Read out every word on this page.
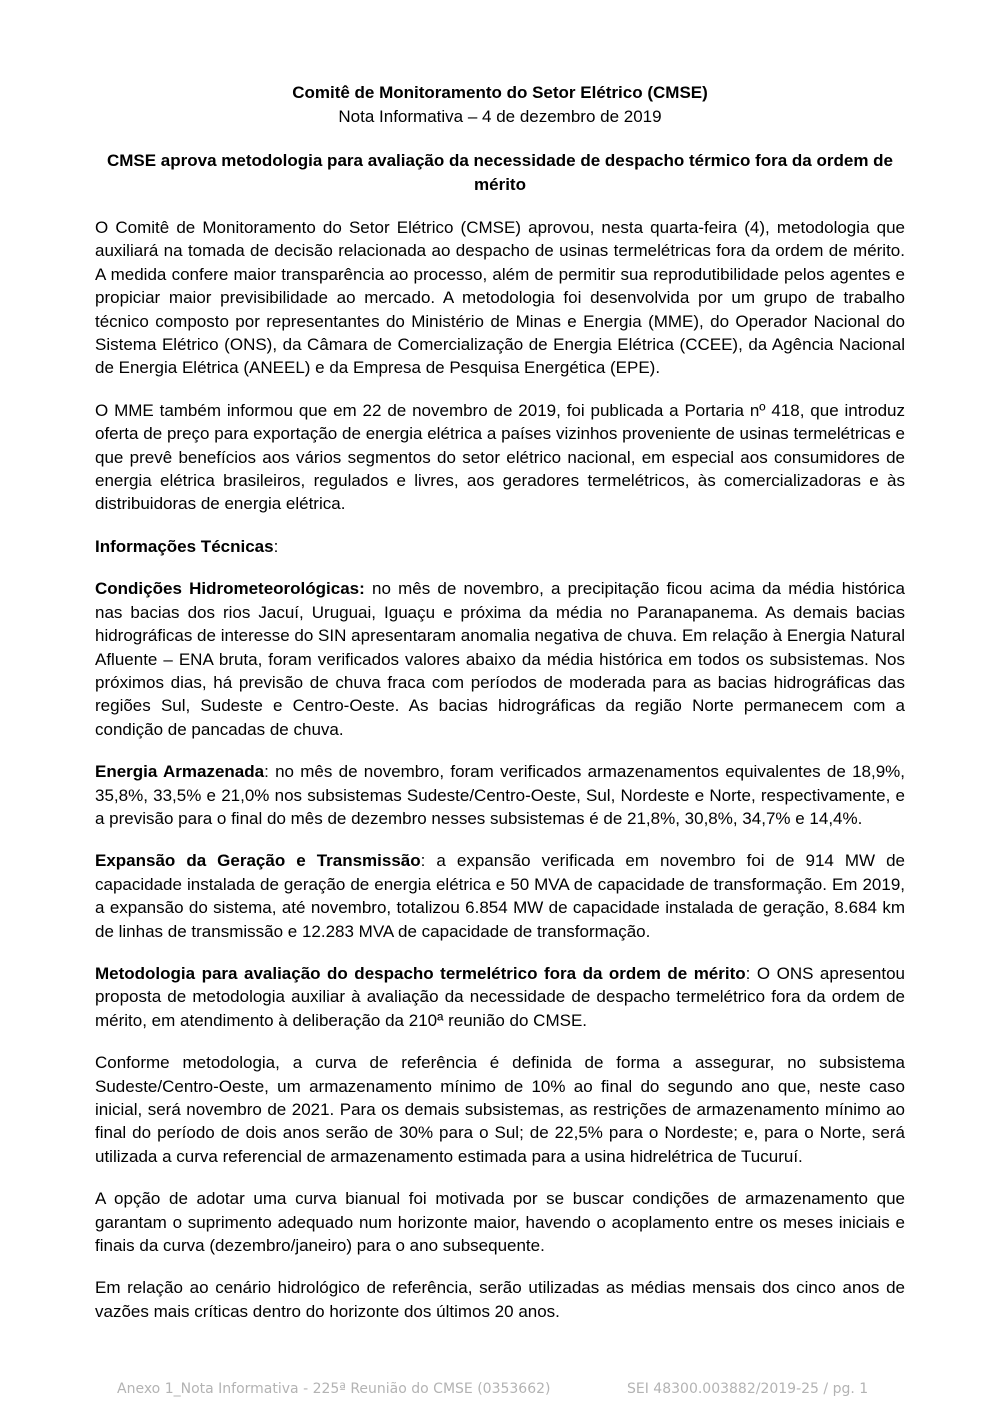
Comitê de Monitoramento do Setor Elétrico (CMSE)

Nota Informativa – 4 de dezembro de 2019

CMSE aprova metodologia para avaliação da necessidade de despacho térmico fora da ordem de mérito

O Comitê de Monitoramento do Setor Elétrico (CMSE) aprovou, nesta quarta-feira (4), metodologia que auxiliará na tomada de decisão relacionada ao despacho de usinas termelétricas fora da ordem de mérito. A medida confere maior transparência ao processo, além de permitir sua reprodutibilidade pelos agentes e propiciar maior previsibilidade ao mercado. A metodologia foi desenvolvida por um grupo de trabalho técnico composto por representantes do Ministério de Minas e Energia (MME), do Operador Nacional do Sistema Elétrico (ONS), da Câmara de Comercialização de Energia Elétrica (CCEE), da Agência Nacional de Energia Elétrica (ANEEL) e da Empresa de Pesquisa Energética (EPE).

O MME também informou que em 22 de novembro de 2019, foi publicada a Portaria nº 418, que introduz oferta de preço para exportação de energia elétrica a países vizinhos proveniente de usinas termelétricas e que prevê benefícios aos vários segmentos do setor elétrico nacional, em especial aos consumidores de energia elétrica brasileiros, regulados e livres, aos geradores termelétricos, às comercializadoras e às distribuidoras de energia elétrica.

Informações Técnicas:

Condições Hidrometeorológicas: no mês de novembro, a precipitação ficou acima da média histórica nas bacias dos rios Jacuí, Uruguai, Iguaçu e próxima da média no Paranapanema. As demais bacias hidrográficas de interesse do SIN apresentaram anomalia negativa de chuva. Em relação à Energia Natural Afluente – ENA bruta, foram verificados valores abaixo da média histórica em todos os subsistemas. Nos próximos dias, há previsão de chuva fraca com períodos de moderada para as bacias hidrográficas das regiões Sul, Sudeste e Centro-Oeste. As bacias hidrográficas da região Norte permanecem com a condição de pancadas de chuva.

Energia Armazenada: no mês de novembro, foram verificados armazenamentos equivalentes de 18,9%, 35,8%, 33,5% e 21,0% nos subsistemas Sudeste/Centro-Oeste, Sul, Nordeste e Norte, respectivamente, e a previsão para o final do mês de dezembro nesses subsistemas é de 21,8%, 30,8%, 34,7% e 14,4%.

Expansão da Geração e Transmissão: a expansão verificada em novembro foi de 914 MW de capacidade instalada de geração de energia elétrica e 50 MVA de capacidade de transformação. Em 2019, a expansão do sistema, até novembro, totalizou 6.854 MW de capacidade instalada de geração, 8.684 km de linhas de transmissão e 12.283 MVA de capacidade de transformação.

Metodologia para avaliação do despacho termelétrico fora da ordem de mérito: O ONS apresentou proposta de metodologia auxiliar à avaliação da necessidade de despacho termelétrico fora da ordem de mérito, em atendimento à deliberação da 210ª reunião do CMSE.

Conforme metodologia, a curva de referência é definida de forma a assegurar, no subsistema Sudeste/Centro-Oeste, um armazenamento mínimo de 10% ao final do segundo ano que, neste caso inicial, será novembro de 2021. Para os demais subsistemas, as restrições de armazenamento mínimo ao final do período de dois anos serão de 30% para o Sul; de 22,5% para o Nordeste; e, para o Norte, será utilizada a curva referencial de armazenamento estimada para a usina hidrelétrica de Tucuruí.

A opção de adotar uma curva bianual foi motivada por se buscar condições de armazenamento que garantam o suprimento adequado num horizonte maior, havendo o acoplamento entre os meses iniciais e finais da curva (dezembro/janeiro) para o ano subsequente.

Em relação ao cenário hidrológico de referência, serão utilizadas as médias mensais dos cinco anos de vazões mais críticas dentro do horizonte dos últimos 20 anos.

Anexo 1_Nota Informativa - 225ª Reunião do CMSE (0353662)	SEI 48300.003882/2019-25 / pg. 1
